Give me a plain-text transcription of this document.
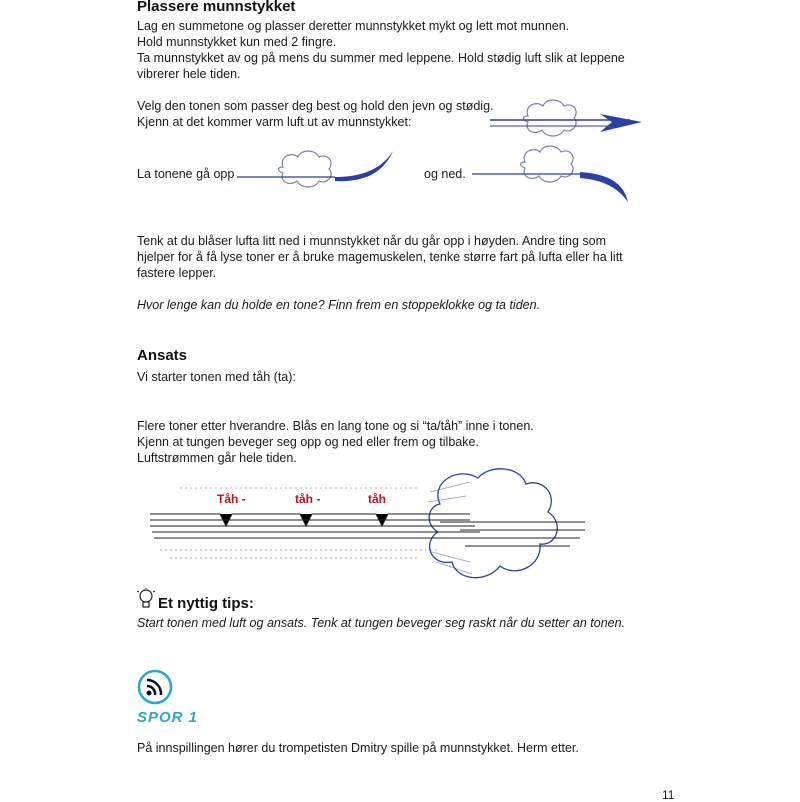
Plassere munnstykket
Lag en summetone og plasser deretter munnstykket mykt og lett mot munnen.
Hold munnstykket kun med 2 fingre.
Ta munnstykket av og på mens du summer med leppene. Hold stødig luft slik at leppene
vibrerer hele tiden.
Velg den tonen som passer deg best og hold den jevn og stødig.
Kjenn at det kommer varm luft ut av munnstykket:
La tonene gå opp	og ned.
Tenk at du blåser lufta litt ned i munnstykket når du går opp i høyden. Andre ting som
hjelper for å få lyse toner er å bruke magemuskelen, tenke større fart på lufta eller ha litt
fastere lepper.
Hvor lenge kan du holde en tone? Finn frem en stoppeklokke og ta tiden.
Ansats
Vi starter tonen med tåh (ta):
Flere toner etter hverandre. Blås en lang tone og si “ta/tåh” inne i tonen.
Kjenn at tungen beveger seg opp og ned eller frem og tilbake.
Luftstrømmen går hele tiden.
Tåh -	tåh -	tåh
Et nyttig tips:
Start tonen med luft og ansats. Tenk at tungen beveger seg raskt når du setter an tonen.
SPOR 1
På innspillingen hører du trompetisten Dmitry spille på munnstykket. Herm etter.
11
